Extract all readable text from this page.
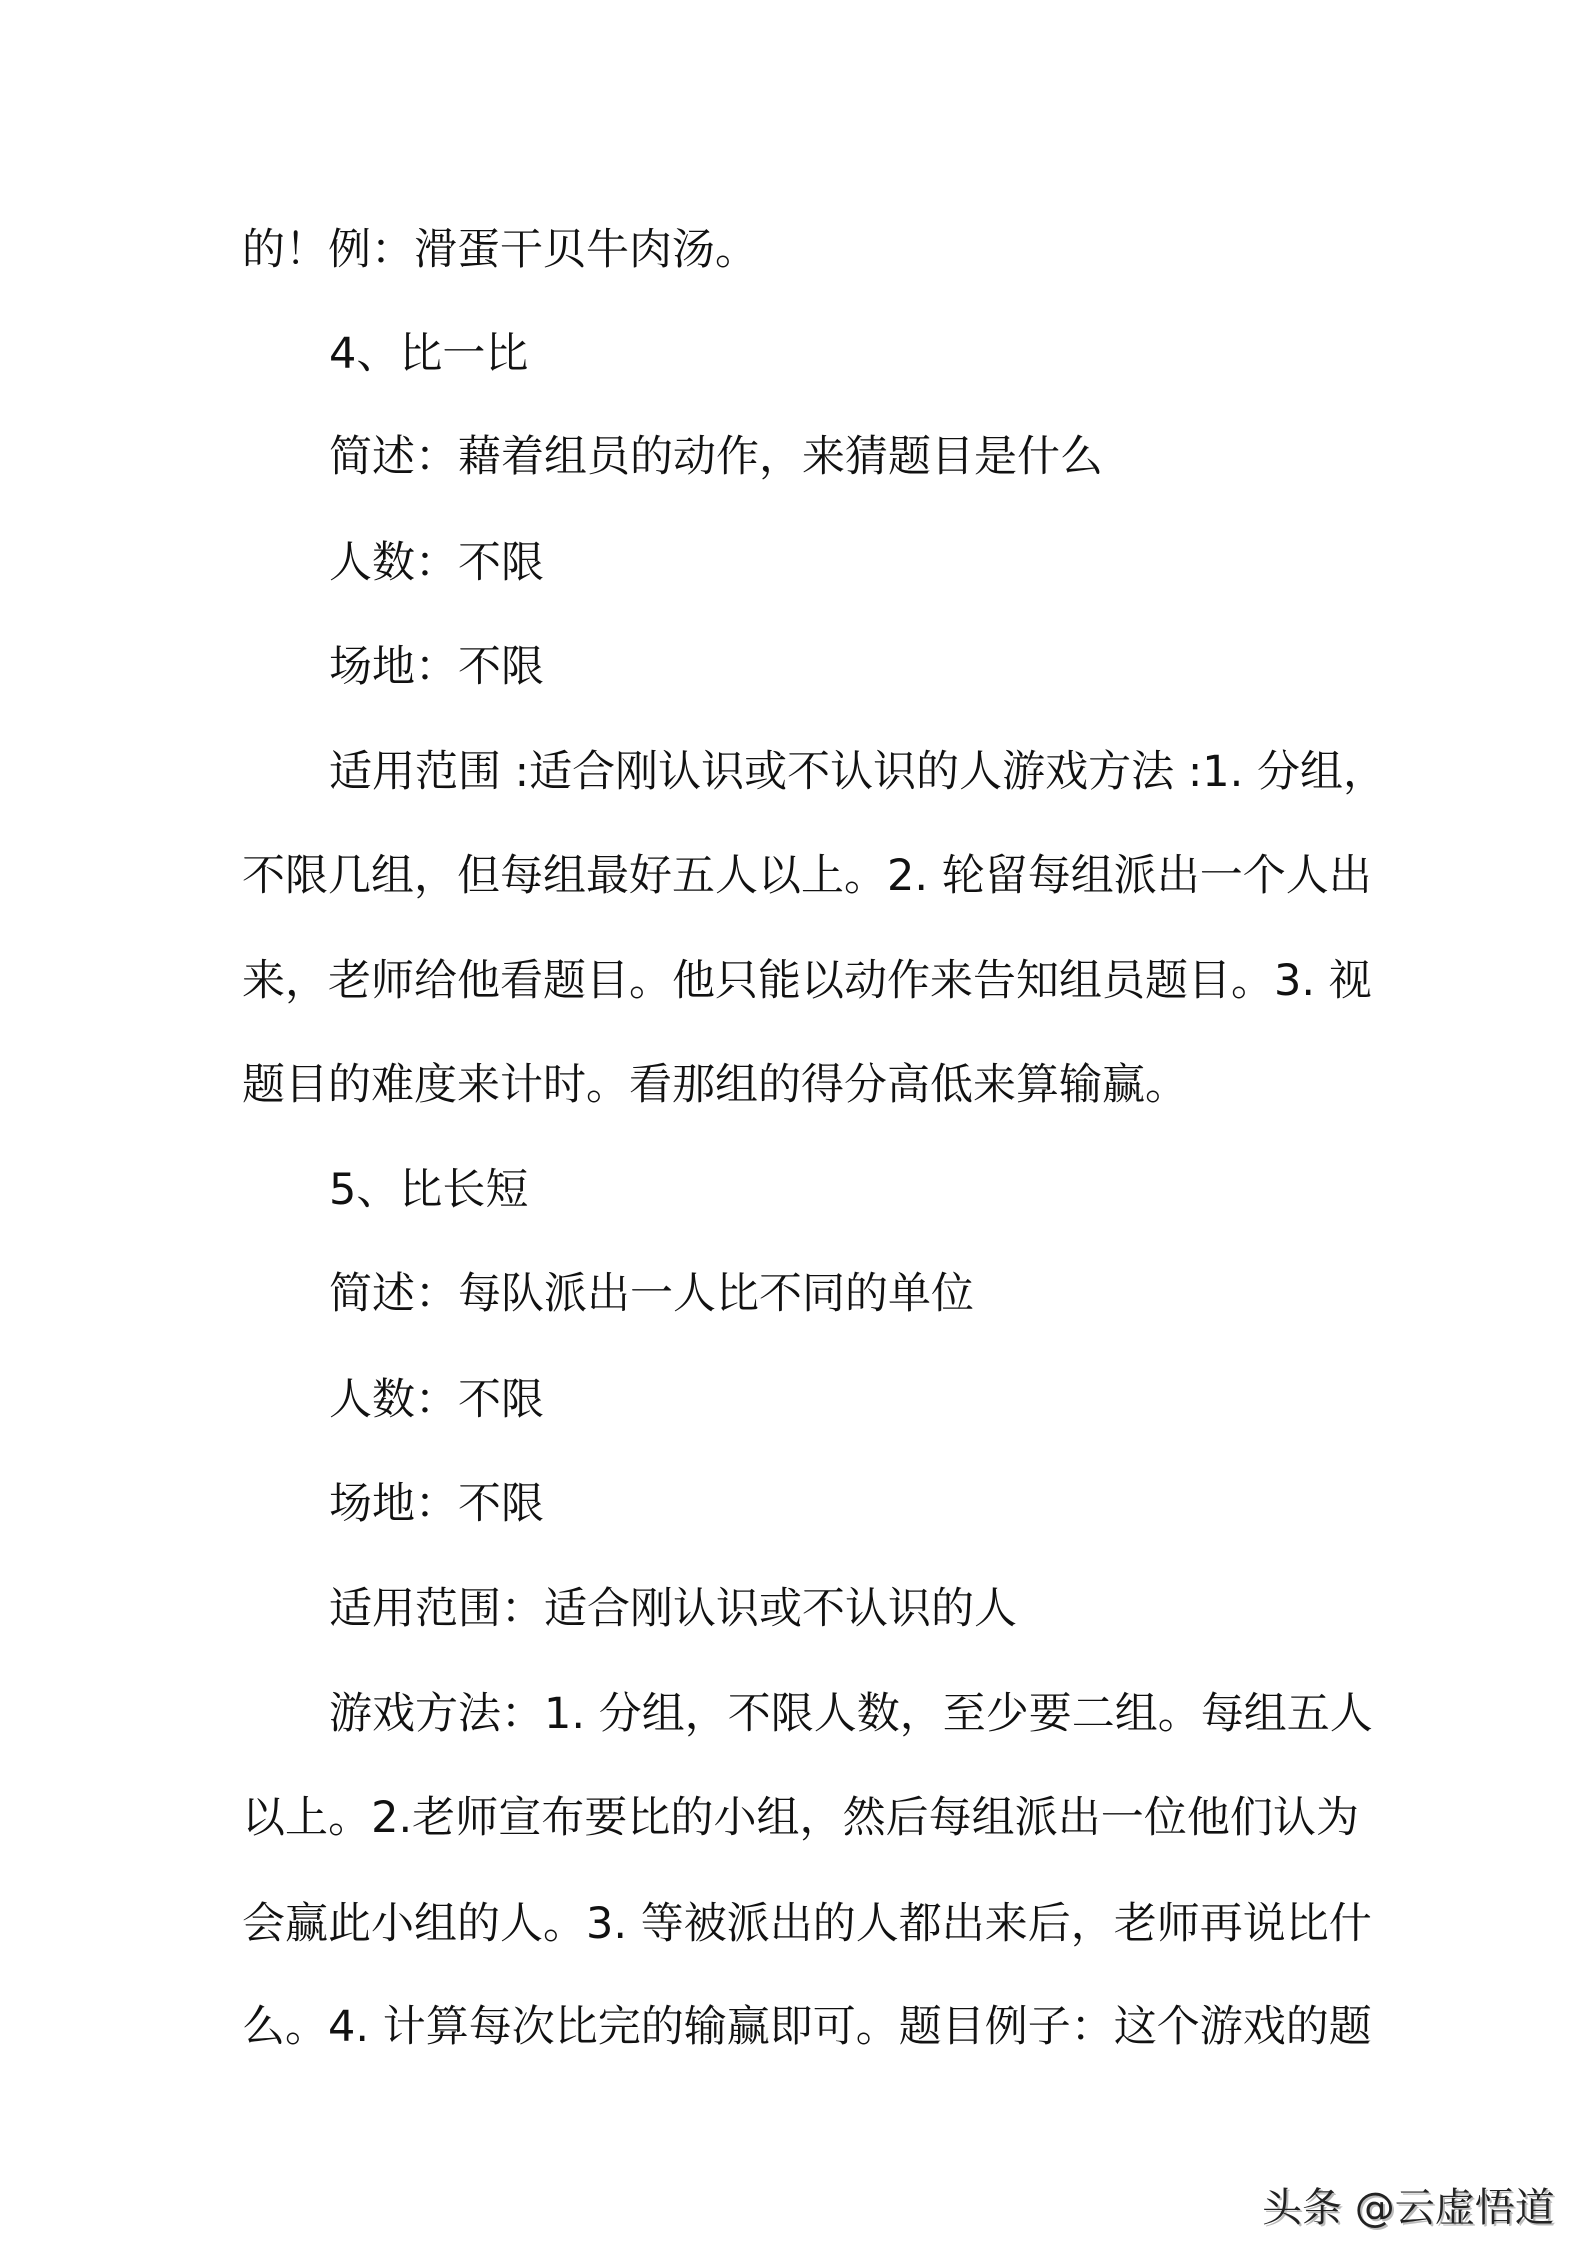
的！例：滑蛋干贝牛肉汤。
4、比一比
简述：藉着组员的动作，来猜题目是什么
人数：不限
场地：不限
适用范围 :适合刚认识或不认识的人游戏方法 :1. 分组，
不限几组，但每组最好五人以上。2. 轮留每组派出一个人出
来，老师给他看题目。他只能以动作来告知组员题目。3. 视
题目的难度来计时。看那组的得分高低来算输赢。
5、比长短
简述：每队派出一人比不同的单位
人数：不限
场地：不限
适用范围：适合刚认识或不认识的人
游戏方法：1. 分组，不限人数，至少要二组。每组五人
以上。2.老师宣布要比的小组，然后每组派出一位他们认为
会赢此小组的人。3. 等被派出的人都出来后，老师再说比什
么。4. 计算每次比完的输赢即可。题目例子：这个游戏的题
头条 @云虚悟道
